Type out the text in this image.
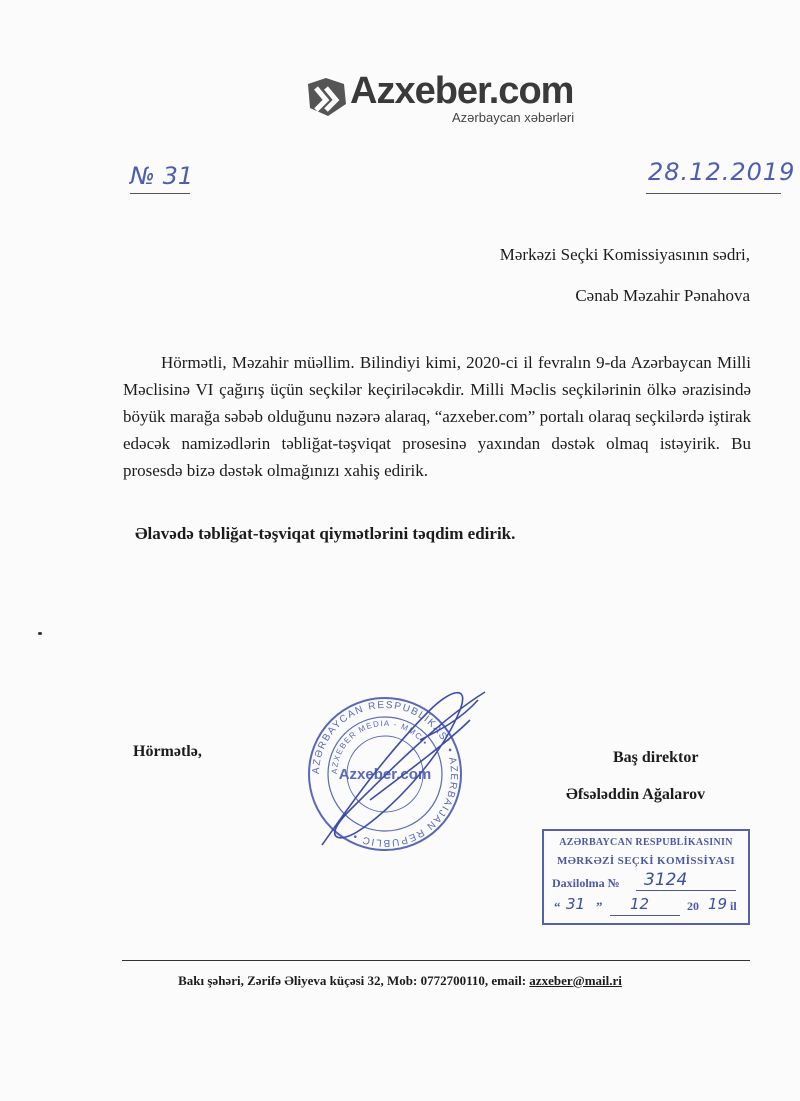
Azxeber.com
Azərbaycan xəbərləri
№ 31	28.12.2019
Mərkəzi Seçki Komissiyasının sədri,
Cənab Məzahir Pənahova

Hörmətli, Məzahir müəllim. Bilindiyi kimi, 2020-ci il fevralın 9-da Azərbaycan Milli Məclisinə VI çağırış üçün seçkilər keçiriləcəkdir. Milli Məclis seçkilərinin ölkə ərazisində böyük marağa səbəb olduğunu nəzərə alaraq, “azxeber.com” portalı olaraq seçkilərdə iştirak edəcək namizədlərin təbliğat-təşviqat prosesinə yaxından dəstək olmaq istəyirik. Bu prosesdə bizə dəstək olmağınızı xahiş edirik.

Əlavədə təbliğat-təşviqat qiymətlərini təqdim edirik.
Hörmətlə,	Baş direktor
Əfsələddin Ağalarov
AZƏRBAYCAN RESPUBLİKASI • AZERBAIJAN REPUBLIC •
AZXEBER MEDIA - MMC •
Azxeber.com
AZƏRBAYCAN RESPUBLİKASININ
MƏRKƏZİ SEÇKİ KOMİSSİYASI
Daxilolma № 3124
“ 31 ” 12	20 19 il
Bakı şəhəri, Zərifə Əliyeva küçəsi 32, Mob: 0772700110, email: azxeber@mail.ri
